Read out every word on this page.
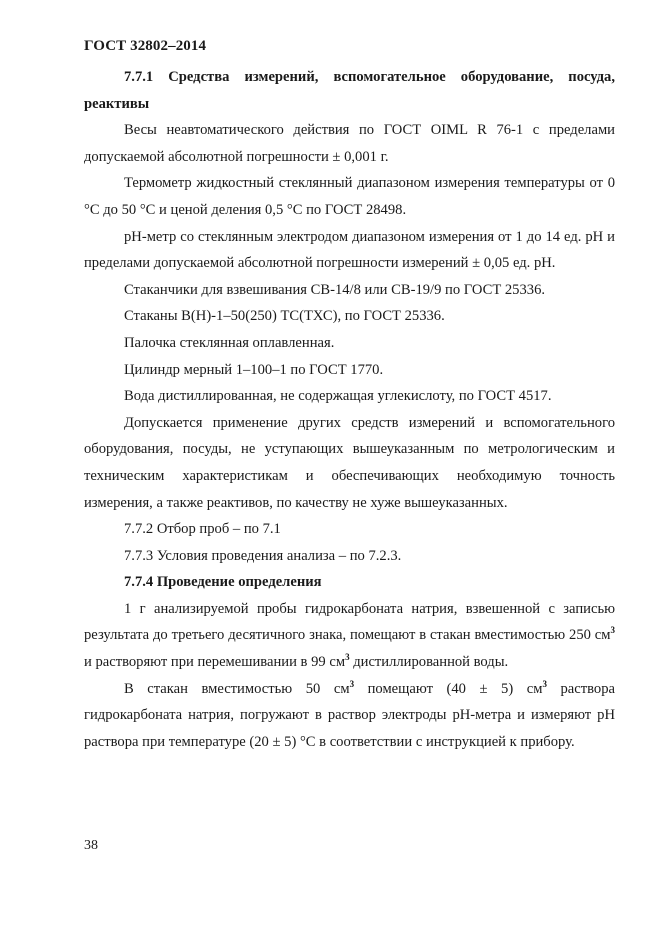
ГОСТ 32802–2014

7.7.1 Средства измерений, вспомогательное оборудование, посуда, реактивы

Весы неавтоматического действия по ГОСТ OIML R 76-1 с пределами допускаемой абсолютной погрешности ± 0,001 г.

Термометр жидкостный стеклянный диапазоном измерения температуры от 0 °С до 50 °С и ценой деления 0,5 °С по ГОСТ 28498.

рН-метр со стеклянным электродом диапазоном измерения от 1 до 14 ед. рН и пределами допускаемой абсолютной погрешности измерений ± 0,05 ед. рН.

Стаканчики для взвешивания СВ-14/8 или СВ-19/9 по ГОСТ 25336.

Стаканы В(Н)-1–50(250) ТС(ТХС), по ГОСТ 25336.

Палочка стеклянная оплавленная.

Цилиндр мерный 1–100–1 по ГОСТ 1770.

Вода дистиллированная, не содержащая углекислоту, по ГОСТ 4517.

Допускается применение других средств измерений и вспомогательного оборудования, посуды, не уступающих вышеуказанным по метрологическим и техническим характеристикам и обеспечивающих необходимую точность измерения, а также реактивов, по качеству не хуже вышеуказанных.

7.7.2 Отбор проб – по 7.1

7.7.3 Условия проведения анализа – по 7.2.3.

7.7.4 Проведение определения

1 г анализируемой пробы гидрокарбоната натрия, взвешенной с записью результата до третьего десятичного знака, помещают в стакан вместимостью 250 $см^3$ и растворяют при перемешивании в 99 $см^3$ дистиллированной воды.

В стакан вместимостью 50 $см^3$ помещают (40 ± 5) $см^3$ раствора гидрокарбоната натрия, погружают в раствор электроды рН-метра и измеряют рН раствора при температуре (20 ± 5) °С в соответствии с инструкцией к прибору.

38
